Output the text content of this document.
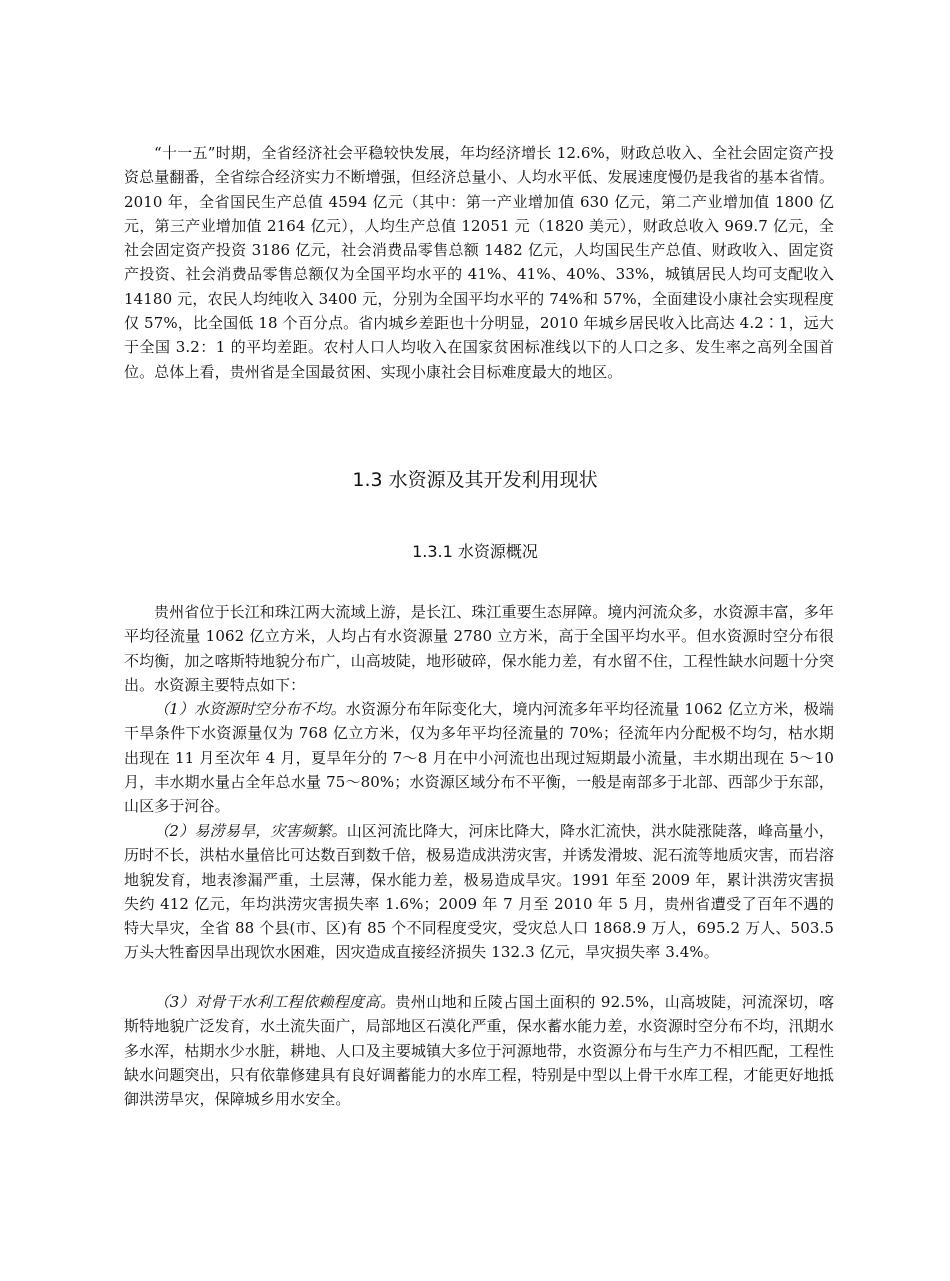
“十一五”时期，全省经济社会平稳较快发展，年均经济增长 12.6%，财政总收入、全社会固定资产投资总量翻番，全省综合经济实力不断增强，但经济总量小、人均水平低、发展速度慢仍是我省的基本省情。2010 年，全省国民生产总值 4594 亿元（其中：第一产业增加值 630 亿元，第二产业增加值 1800 亿元，第三产业增加值 2164 亿元），人均生产总值 12051 元（1820 美元），财政总收入 969.7 亿元，全社会固定资产投资 3186 亿元，社会消费品零售总额 1482 亿元，人均国民生产总值、财政收入、固定资产投资、社会消费品零售总额仅为全国平均水平的 41%、41%、40%、33%，城镇居民人均可支配收入 14180 元，农民人均纯收入 3400 元，分别为全国平均水平的 74%和 57%，全面建设小康社会实现程度仅 57%，比全国低 18 个百分点。省内城乡差距也十分明显，2010 年城乡居民收入比高达 4.2∶1，远大于全国 3.2：1 的平均差距。农村人口人均收入在国家贫困标准线以下的人口之多、发生率之高列全国首位。总体上看，贵州省是全国最贫困、实现小康社会目标难度最大的地区。

1.3 水资源及其开发利用现状
1.3.1 水资源概况

贵州省位于长江和珠江两大流域上游，是长江、珠江重要生态屏障。境内河流众多，水资源丰富，多年平均径流量 1062 亿立方米，人均占有水资源量 2780 立方米，高于全国平均水平。但水资源时空分布很不均衡，加之喀斯特地貌分布广，山高坡陡，地形破碎，保水能力差，有水留不住，工程性缺水问题十分突出。水资源主要特点如下：

（1）水资源时空分布不均。水资源分布年际变化大，境内河流多年平均径流量 1062 亿立方米，极端干旱条件下水资源量仅为 768 亿立方米，仅为多年平均径流量的 70%；径流年内分配极不均匀，枯水期出现在 11 月至次年 4 月，夏旱年分的 7～8 月在中小河流也出现过短期最小流量，丰水期出现在 5～10 月，丰水期水量占全年总水量 75～80%；水资源区域分布不平衡，一般是南部多于北部、西部少于东部，山区多于河谷。

（2）易涝易旱，灾害频繁。山区河流比降大，河床比降大，降水汇流快，洪水陡涨陡落，峰高量小，历时不长，洪枯水量倍比可达数百到数千倍，极易造成洪涝灾害，并诱发滑坡、泥石流等地质灾害，而岩溶地貌发育，地表渗漏严重，土层薄，保水能力差，极易造成旱灾。1991 年至 2009 年，累计洪涝灾害损失约 412 亿元，年均洪涝灾害损失率 1.6%；2009 年 7 月至 2010 年 5 月，贵州省遭受了百年不遇的特大旱灾，全省 88 个县(市、区)有 85 个不同程度受灾，受灾总人口 1868.9 万人，695.2 万人、503.5 万头大牲畜因旱出现饮水困难，因灾造成直接经济损失 132.3 亿元，旱灾损失率 3.4%。

（3）对骨干水利工程依赖程度高。贵州山地和丘陵占国土面积的 92.5%，山高坡陡，河流深切，喀斯特地貌广泛发育，水土流失面广，局部地区石漠化严重，保水蓄水能力差，水资源时空分布不均，汛期水多水浑，枯期水少水脏，耕地、人口及主要城镇大多位于河源地带，水资源分布与生产力不相匹配，工程性缺水问题突出，只有依靠修建具有良好调蓄能力的水库工程，特别是中型以上骨干水库工程，才能更好地抵御洪涝旱灾，保障城乡用水安全。
